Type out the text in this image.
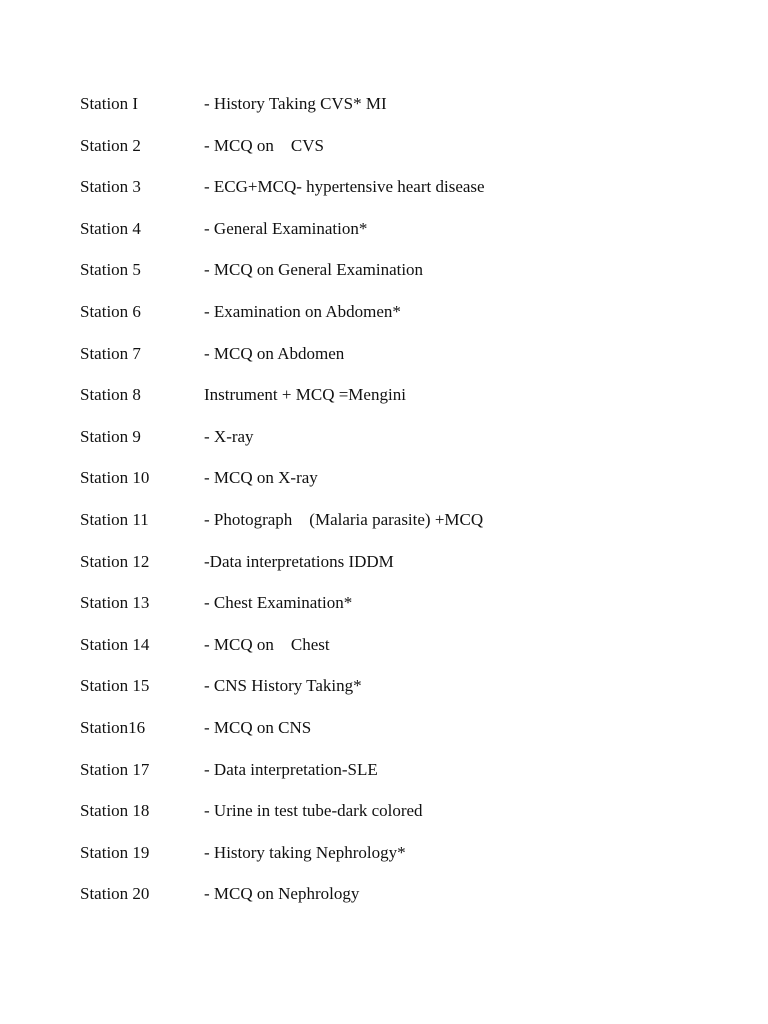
Station I

	- History Taking CVS* MI

Station 2

	- MCQ on    CVS

Station 3

	- ECG+MCQ- hypertensive heart disease

Station 4

	- General Examination*

Station 5

	- MCQ on General Examination

Station 6

	- Examination on Abdomen*

Station 7

	- MCQ on Abdomen

Station 8

	Instrument + MCQ =Mengini

Station 9

	- X-ray

Station 10

	- MCQ on X-ray

Station 11

	- Photograph    (Malaria parasite) +MCQ

Station 12

	-Data interpretations IDDM

Station 13

	- Chest Examination*

Station 14

	- MCQ on    Chest

Station 15

	- CNS History Taking*

Station16

	- MCQ on CNS

Station 17

	- Data interpretation-SLE

Station 18

	- Urine in test tube-dark colored

Station 19

	- History taking Nephrology*

Station 20

	- MCQ on Nephrology
